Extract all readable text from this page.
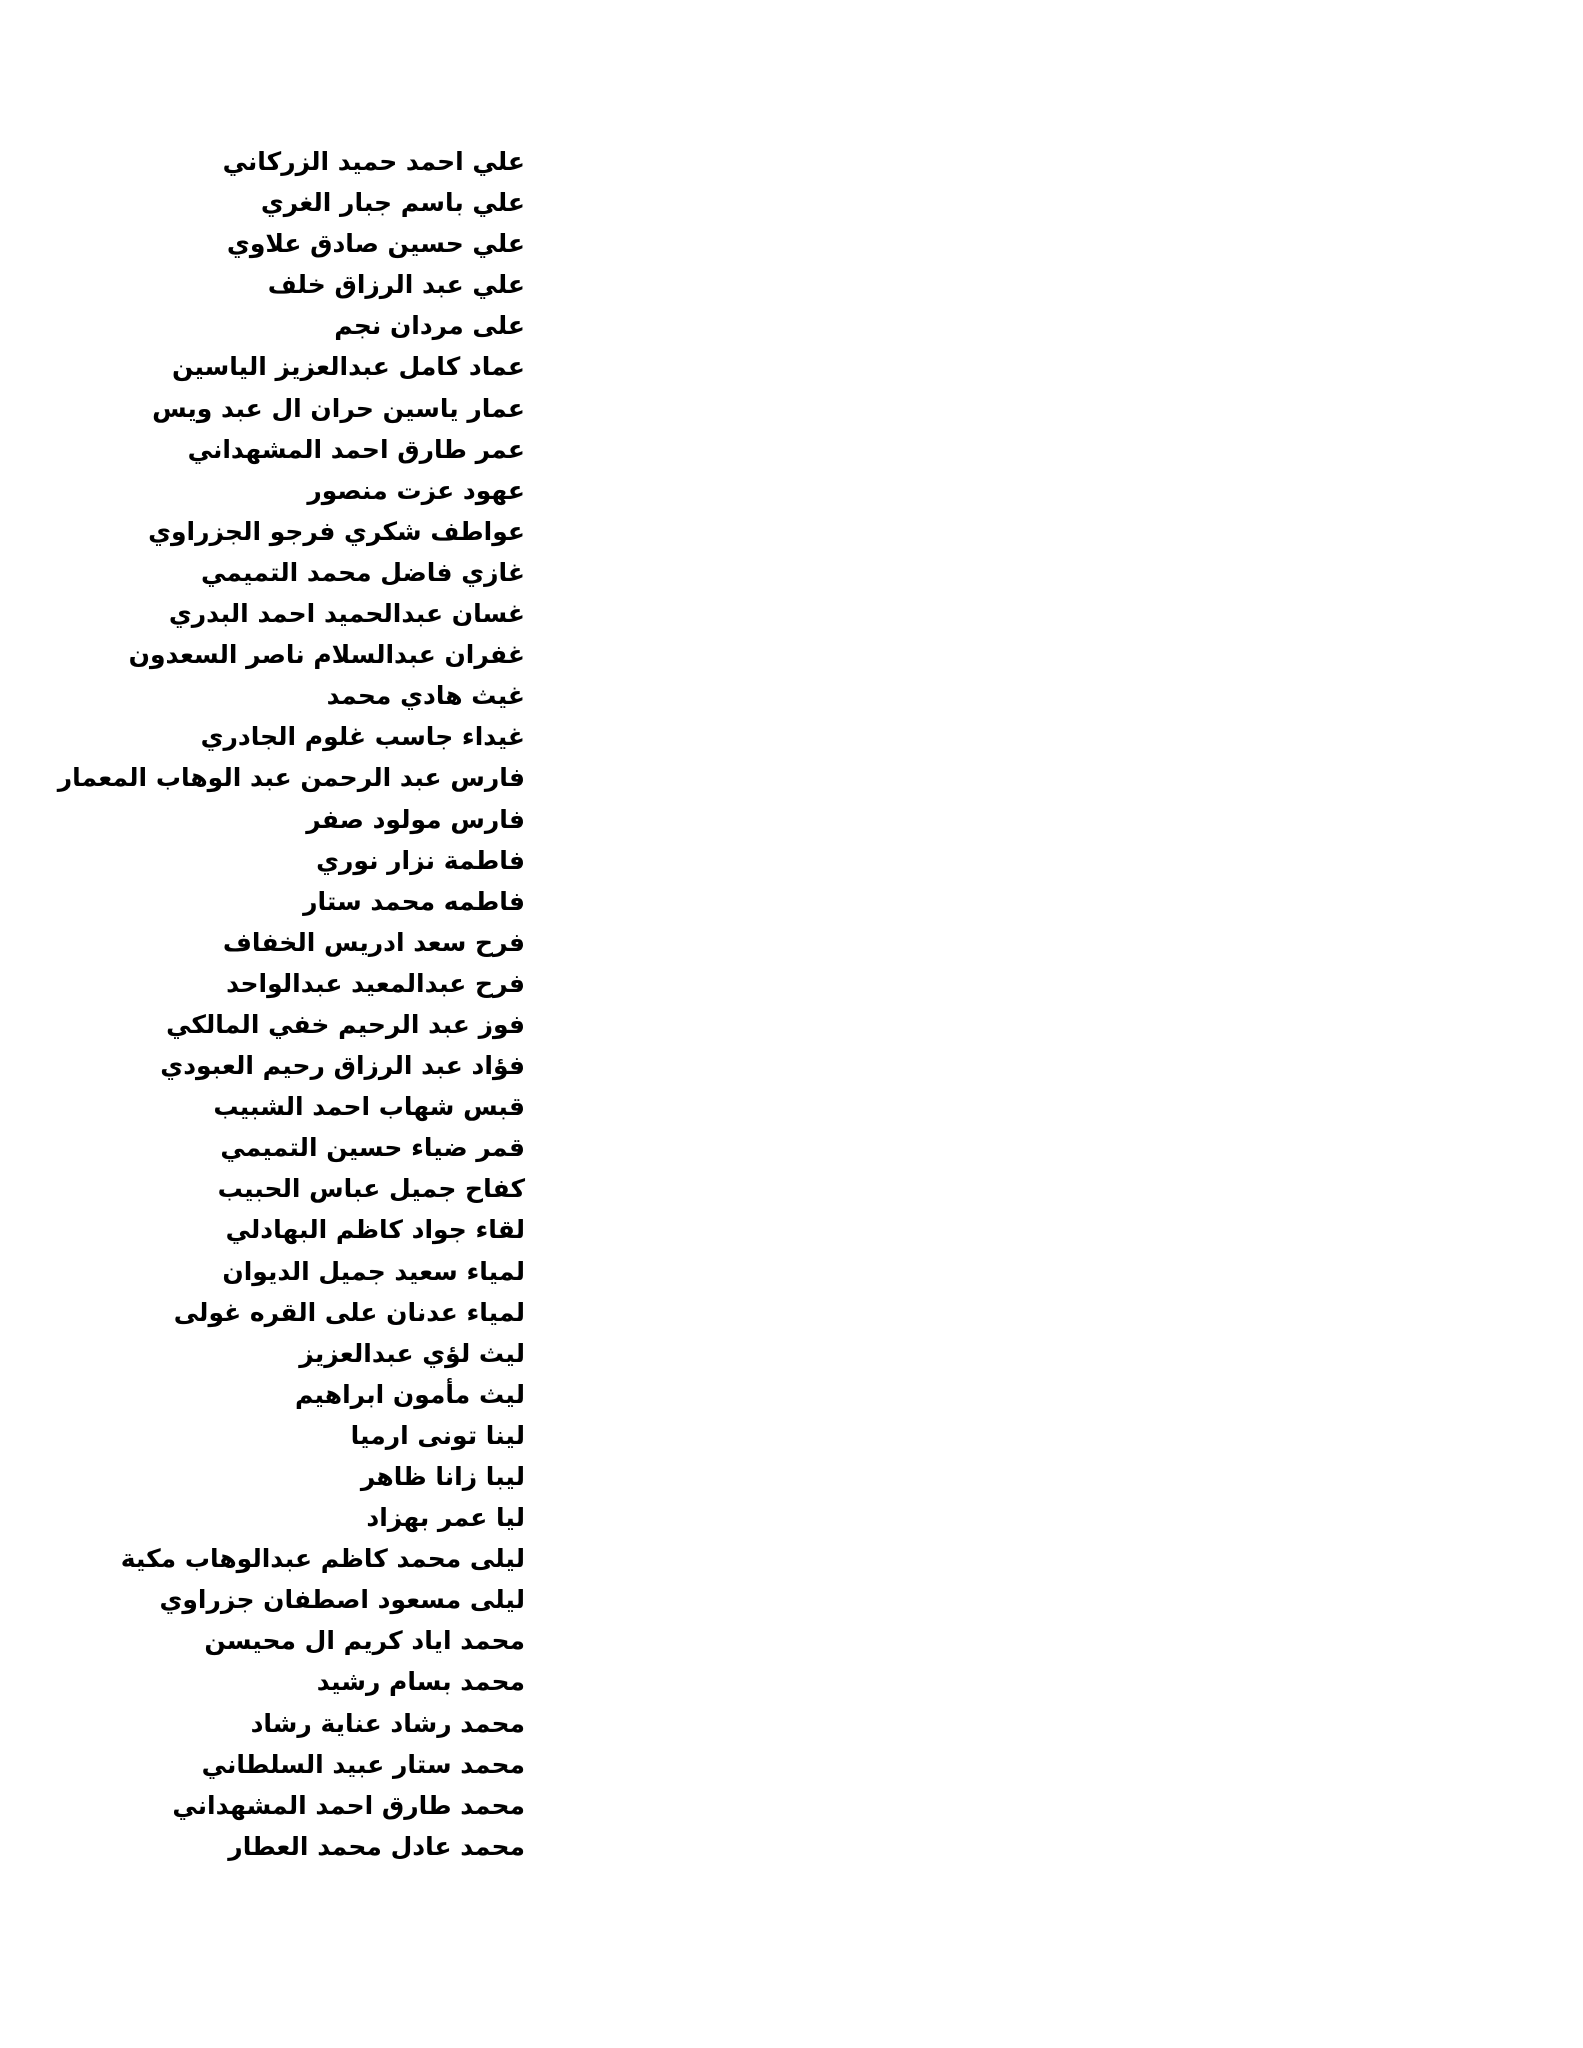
علي احمد حميد الزركاني
علي باسم جبار الغري
علي حسين صادق علاوي
علي عبد الرزاق خلف
على مردان نجم
عماد كامل عبدالعزيز الياسين
عمار ياسين حران ال عبد ويس
عمر طارق احمد المشهداني
عهود عزت منصور
عواطف شكري فرجو الجزراوي
غازي فاضل محمد التميمي
غسان عبدالحميد احمد البدري
غفران عبدالسلام ناصر السعدون
غيث هادي محمد
غيداء جاسب غلوم الجادري
فارس عبد الرحمن عبد الوهاب المعمار
فارس مولود صفر
فاطمة نزار نوري
فاطمه محمد ستار
فرح سعد ادريس الخفاف
فرح عبدالمعيد عبدالواحد
فوز عبد الرحيم خفي المالكي
فؤاد عبد الرزاق رحيم العبودي
قبس شهاب احمد الشبيب
قمر ضياء حسين التميمي
كفاح جميل عباس الحبيب
لقاء جواد كاظم البهادلي
لمياء سعيد جميل الديوان
لمياء عدنان على القره غولى
ليث لؤي عبدالعزيز
ليث مأمون ابراهيم
لينا تونى ارميا
ليبا زانا ظاهر
ليا عمر بهزاد
ليلى محمد كاظم عبدالوهاب مكية
ليلى مسعود اصطفان جزراوي
محمد اياد كريم ال محيسن
محمد بسام رشيد
محمد رشاد عناية رشاد
محمد ستار عبيد السلطاني
محمد طارق احمد المشهداني
محمد عادل محمد العطار
